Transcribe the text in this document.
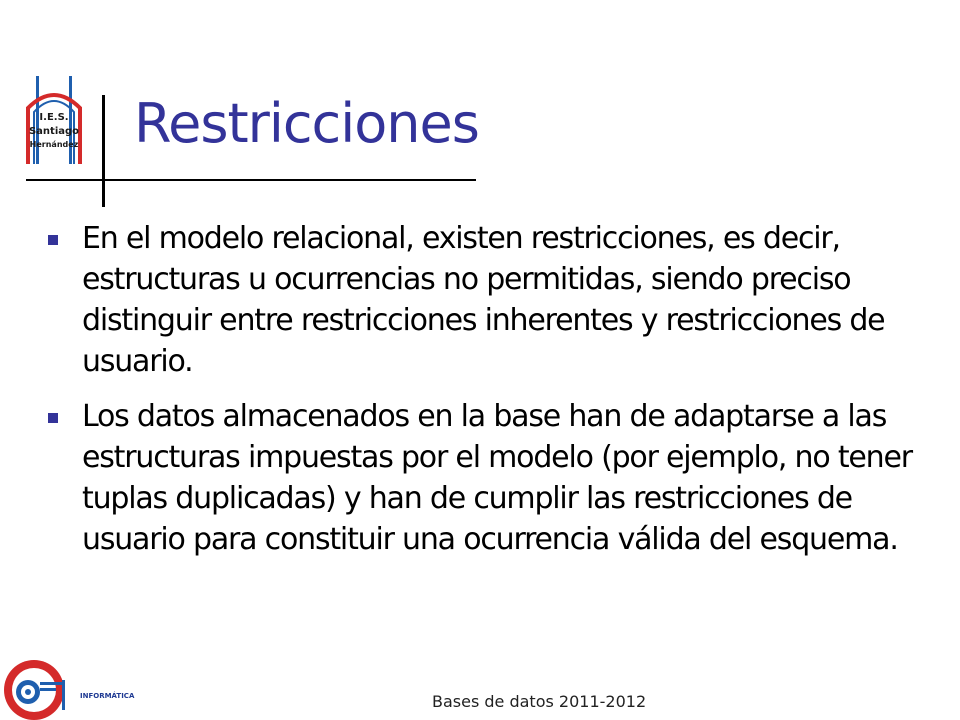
I.E.S.
Santiago
Hernández Restricciones
En el modelo relacional, existen restricciones, es decir, estructuras u ocurrencias no permitidas, siendo preciso distinguir entre restricciones inherentes y restricciones de usuario.
Los datos almacenados en la base han de adaptarse a las estructuras impuestas por el modelo (por ejemplo, no tener tuplas duplicadas) y han de cumplir las restricciones de usuario para constituir una ocurrencia válida del esquema.
INFORMÁTICA	Bases de datos 2011-2012
